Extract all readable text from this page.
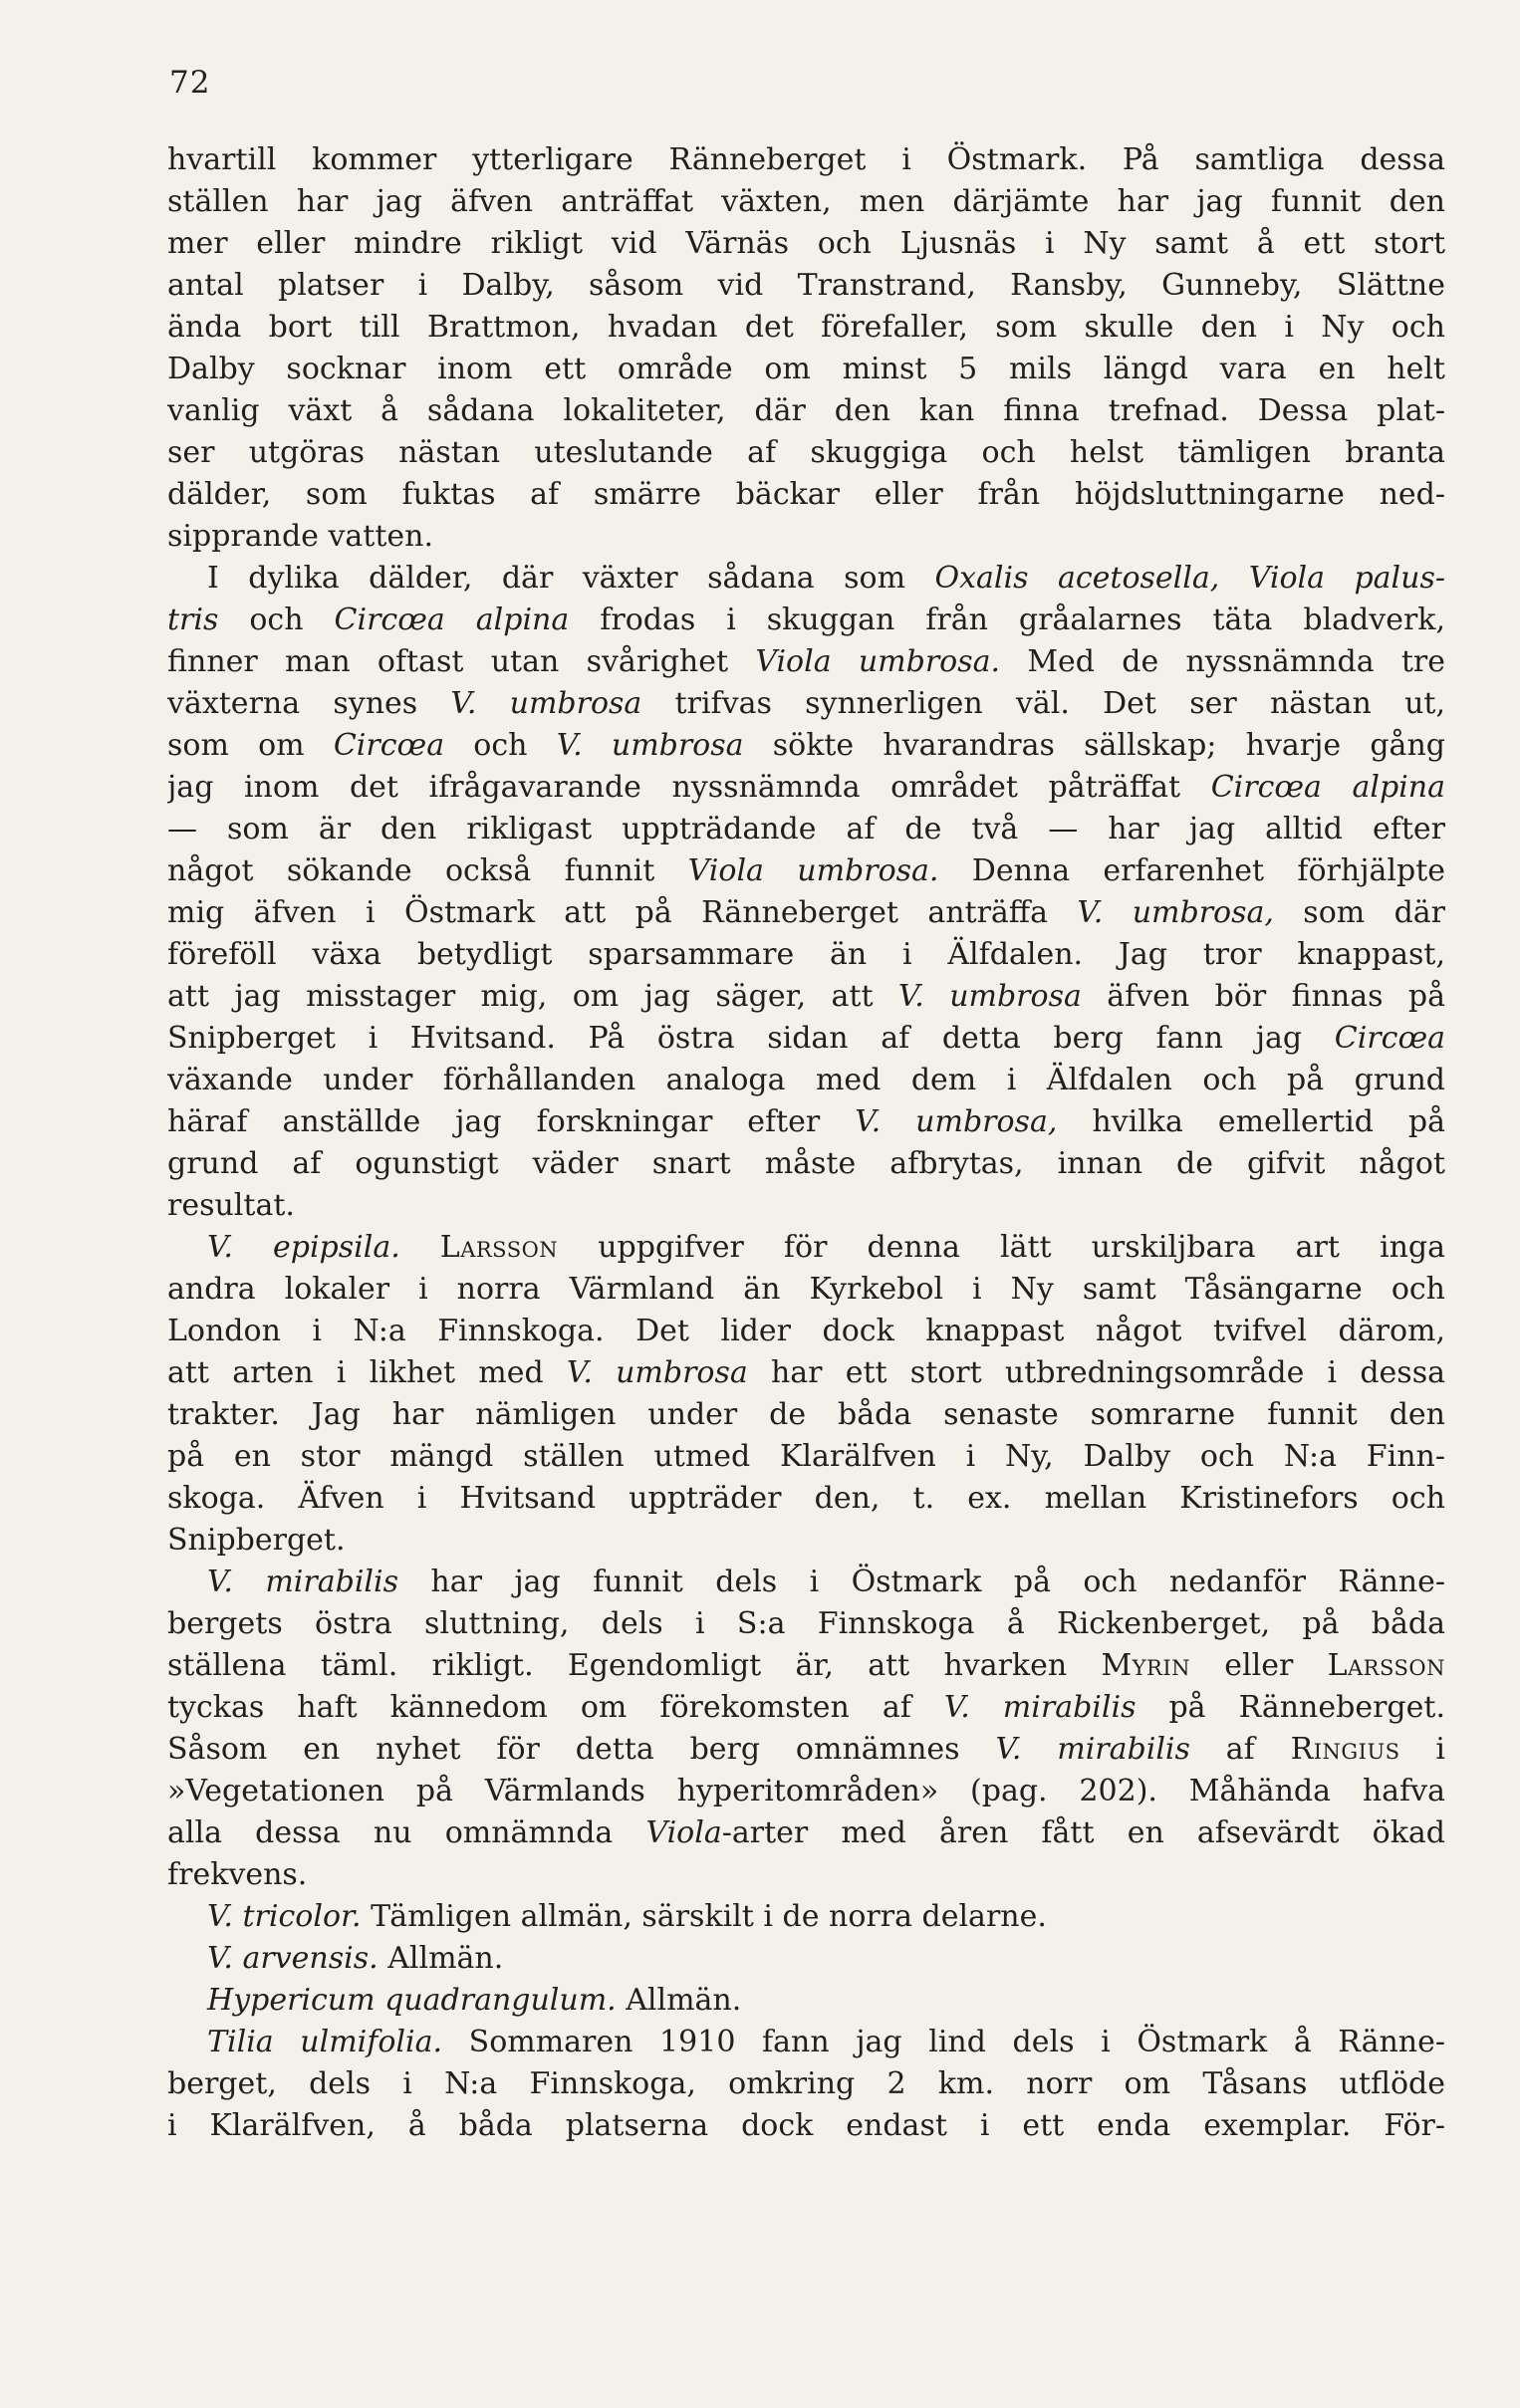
72
hvartill kommer ytterligare Ränneberget i Östmark. På samtliga dessa
ställen har jag äfven anträffat växten, men därjämte har jag funnit den
mer eller mindre rikligt vid Värnäs och Ljusnäs i Ny samt å ett stort
antal platser i Dalby, såsom vid Transtrand, Ransby, Gunneby, Slättne
ända bort till Brattmon, hvadan det förefaller, som skulle den i Ny och
Dalby socknar inom ett område om minst 5 mils längd vara en helt
vanlig växt å sådana lokaliteter, där den kan finna trefnad. Dessa plat-
ser utgöras nästan uteslutande af skuggiga och helst tämligen branta
dälder, som fuktas af smärre bäckar eller från höjdsluttningarne ned-
sipprande vatten.
I dylika dälder, där växter sådana som Oxalis acetosella, Viola palus-
tris och Circœa alpina frodas i skuggan från gråalarnes täta bladverk,
finner man oftast utan svårighet Viola umbrosa. Med de nyssnämnda tre
växterna synes V. umbrosa trifvas synnerligen väl. Det ser nästan ut,
som om Circœa och V. umbrosa sökte hvarandras sällskap; hvarje gång
jag inom det ifrågavarande nyssnämnda området påträffat Circœa alpina
— som är den rikligast uppträdande af de två — har jag alltid efter
något sökande också funnit Viola umbrosa. Denna erfarenhet förhjälpte
mig äfven i Östmark att på Ränneberget anträffa V. umbrosa, som där
föreföll växa betydligt sparsammare än i Älfdalen. Jag tror knappast,
att jag misstager mig, om jag säger, att V. umbrosa äfven bör finnas på
Snipberget i Hvitsand. På östra sidan af detta berg fann jag Circœa
växande under förhållanden analoga med dem i Älfdalen och på grund
häraf anställde jag forskningar efter V. umbrosa, hvilka emellertid på
grund af ogunstigt väder snart måste afbrytas, innan de gifvit något
resultat.
V. epipsila. Larsson uppgifver för denna lätt urskiljbara art inga
andra lokaler i norra Värmland än Kyrkebol i Ny samt Tåsängarne och
London i N:a Finnskoga. Det lider dock knappast något tvifvel därom,
att arten i likhet med V. umbrosa har ett stort utbredningsområde i dessa
trakter. Jag har nämligen under de båda senaste somrarne funnit den
på en stor mängd ställen utmed Klarälfven i Ny, Dalby och N:a Finn-
skoga. Äfven i Hvitsand uppträder den, t. ex. mellan Kristinefors och
Snipberget.
V. mirabilis har jag funnit dels i Östmark på och nedanför Ränne-
bergets östra sluttning, dels i S:a Finnskoga å Rickenberget, på båda
ställena täml. rikligt. Egendomligt är, att hvarken Myrin eller Larsson
tyckas haft kännedom om förekomsten af V. mirabilis på Ränneberget.
Såsom en nyhet för detta berg omnämnes V. mirabilis af Ringius i
»Vegetationen på Värmlands hyperitområden» (pag. 202). Måhända hafva
alla dessa nu omnämnda Viola-arter med åren fått en afsevärdt ökad
frekvens.
V. tricolor. Tämligen allmän, särskilt i de norra delarne.
V. arvensis. Allmän.
Hypericum quadrangulum. Allmän.
Tilia ulmifolia. Sommaren 1910 fann jag lind dels i Östmark å Ränne-
berget, dels i N:a Finnskoga, omkring 2 km. norr om Tåsans utflöde
i Klarälfven, å båda platserna dock endast i ett enda exemplar. För-
